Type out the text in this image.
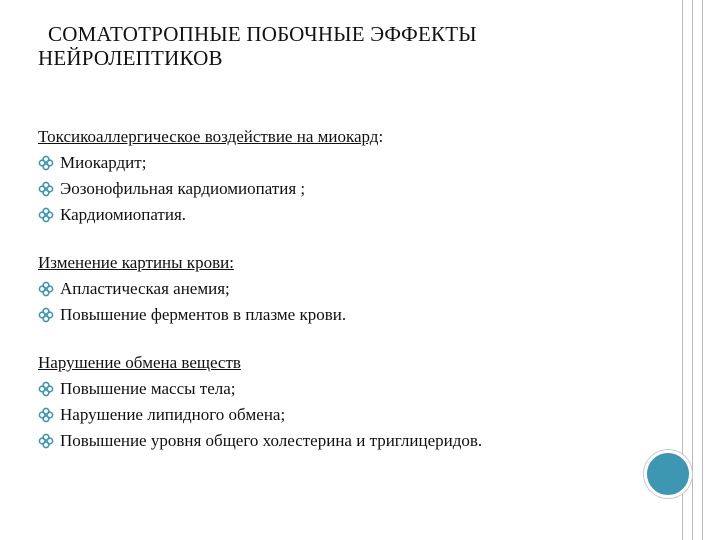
СОМАТОТРОПНЫЕ ПОБОЧНЫЕ ЭФФЕКТЫ
НЕЙРОЛЕПТИКОВ

Токсикоаллергическое воздействие на миокард:

Миокардит;
Эозонофильная кардиомиопатия ;
Кардиомиопатия.

Изменение картины крови:

Апластическая анемия;
Повышение ферментов в плазме крови.

Нарушение обмена веществ

Повышение массы тела;
Нарушение липидного обмена;
Повышение уровня общего холестерина и триглицеридов.
